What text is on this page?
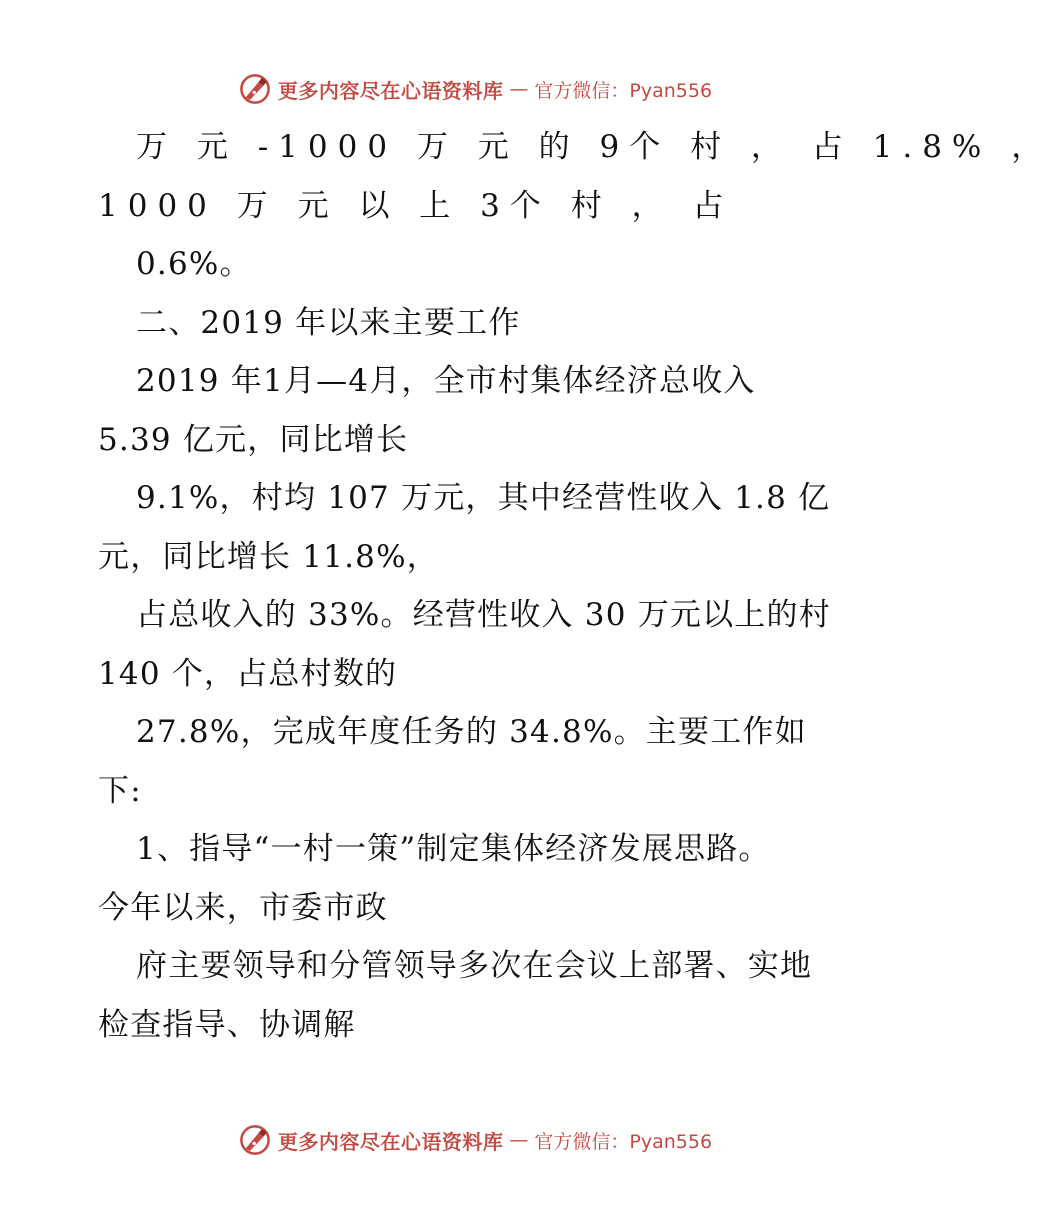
更多内容尽在心语资料库 — 官方微信：Pyan556
万 元 -1000 万 元 的 9个 村 ， 占 1.8% ，
1000 万 元 以 上 3个 村 ， 占
0.6%。
二、2019 年以来主要工作
2019 年1月—4月，全市村集体经济总收入
5.39 亿元，同比增长
9.1%，村均 107 万元，其中经营性收入 1.8 亿
元，同比增长 11.8%，
占总收入的 33%。经营性收入 30 万元以上的村
140 个，占总村数的
27.8%，完成年度任务的 34.8%。主要工作如
下:
1、指导“一村一策”制定集体经济发展思路。
今年以来，市委市政
府主要领导和分管领导多次在会议上部署、实地
检查指导、协调解
更多内容尽在心语资料库 — 官方微信：Pyan556
